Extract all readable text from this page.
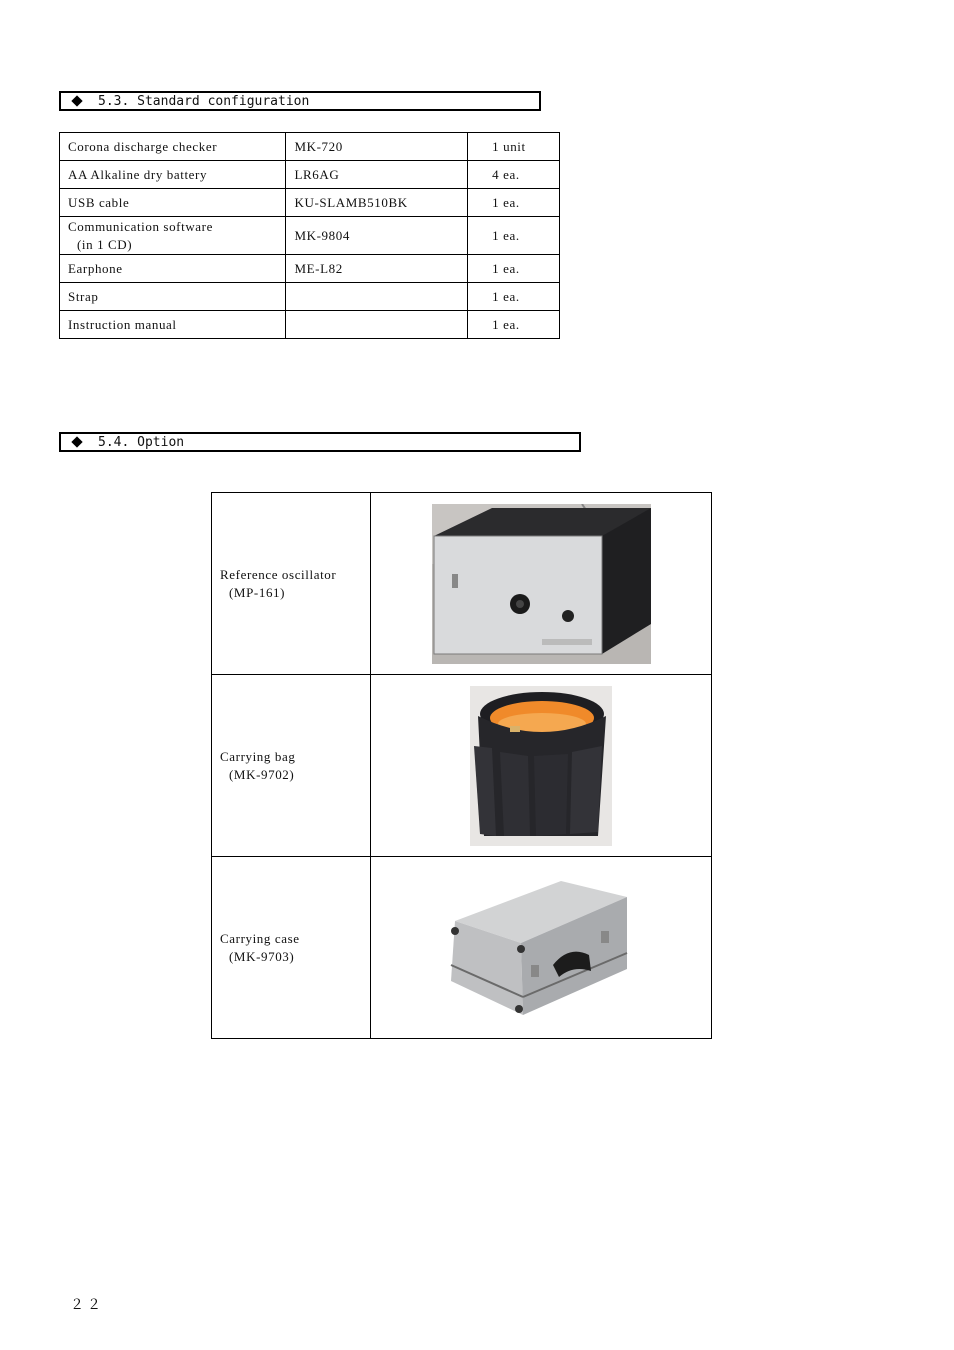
5.3. Standard configuration
Corona discharge checker	MK-720	1 unit
AA Alkaline dry battery	LR6AG	4 ea.
USB cable	KU-SLAMB510BK	1 ea.

Communication software
(in 1 CD)	MK-9804	1 ea.
Earphone	ME-L82	1 ea.
Strap		1 ea.
Instruction manual		1 ea.
5.4. Option
Reference oscillator
(MP-161)

Carrying bag
(MK-9702)

Carrying case
(MK-9703)

２２
